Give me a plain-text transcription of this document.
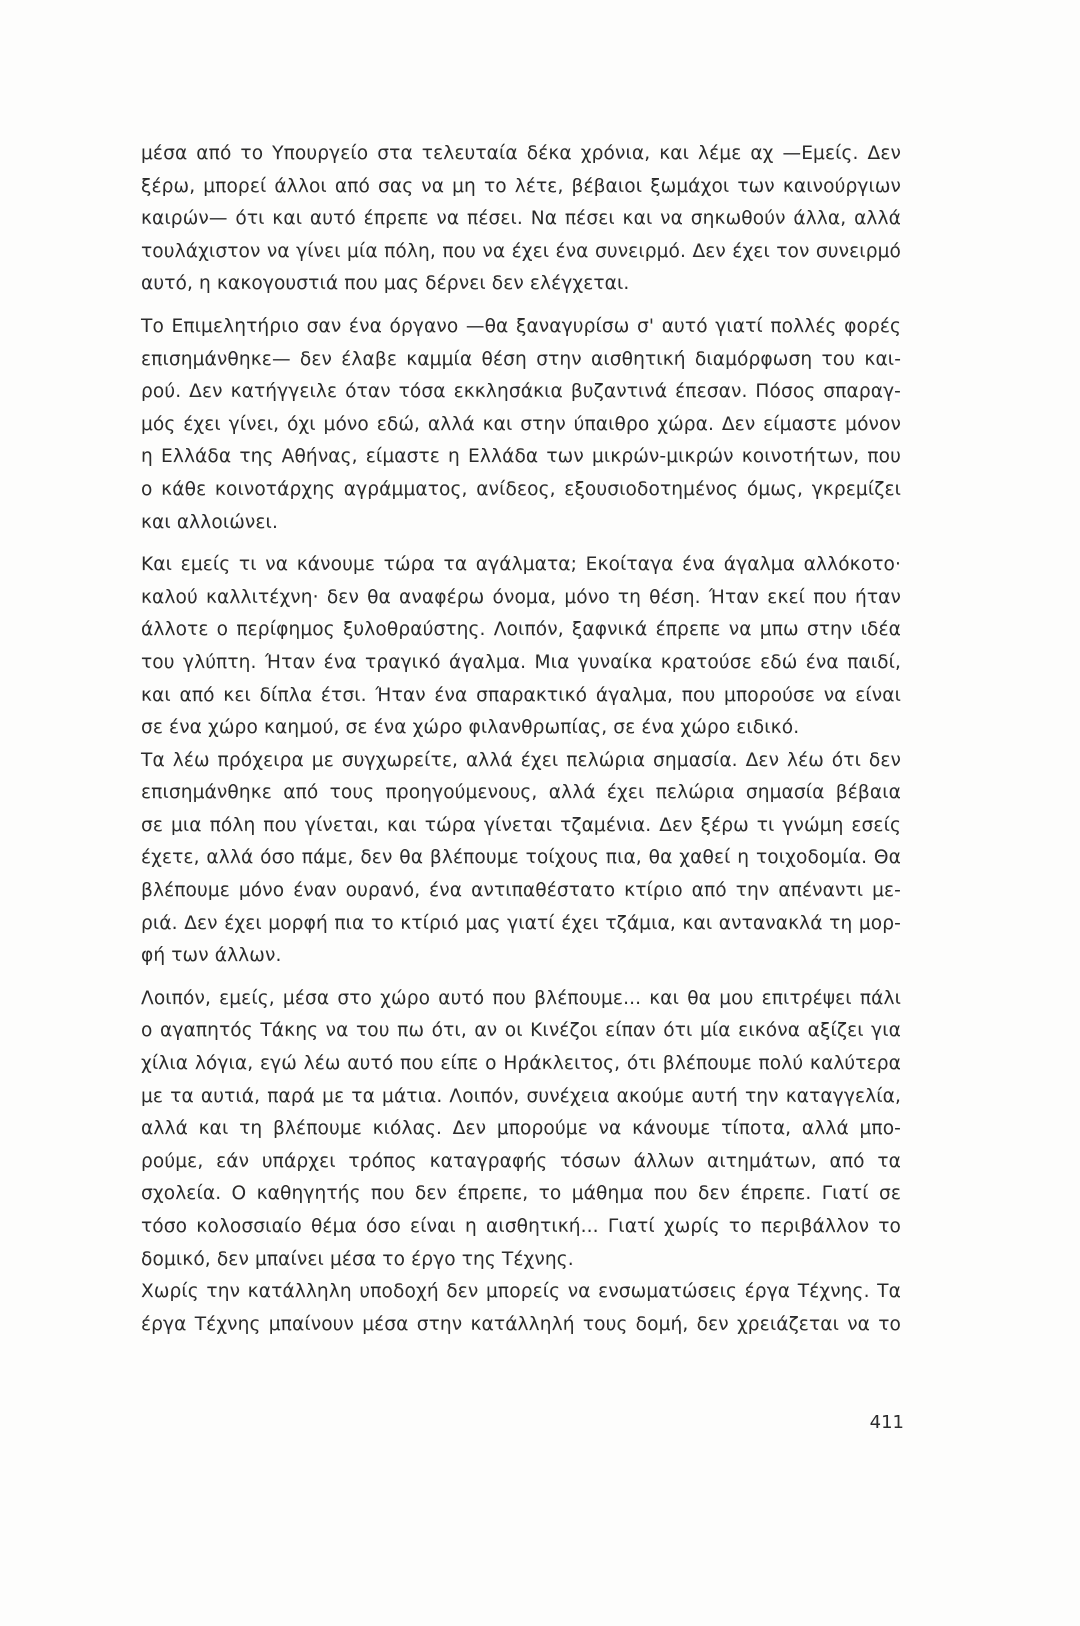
μέσα από το Υπουργείο στα τελευταία δέκα χρόνια, και λέμε αχ —Εμείς. Δεν
ξέρω, μπορεί άλλοι από σας να μη το λέτε, βέβαιοι ξωμάχοι των καινούργιων
καιρών— ότι και αυτό έπρεπε να πέσει. Να πέσει και να σηκωθούν άλλα, αλλά
τουλάχιστον να γίνει μία πόλη, που να έχει ένα συνειρμό. Δεν έχει τον συνειρμό
αυτό, η κακογουστιά που μας δέρνει δεν ελέγχεται.

Το Επιμελητήριο σαν ένα όργανο —θα ξαναγυρίσω σ' αυτό γιατί πολλές φορές
επισημάνθηκε— δεν έλαβε καμμία θέση στην αισθητική διαμόρφωση του και-
ρού. Δεν κατήγγειλε όταν τόσα εκκλησάκια βυζαντινά έπεσαν. Πόσος σπαραγ-
μός έχει γίνει, όχι μόνο εδώ, αλλά και στην ύπαιθρο χώρα. Δεν είμαστε μόνον
η Ελλάδα της Αθήνας, είμαστε η Ελλάδα των μικρών-μικρών κοινοτήτων, που
ο κάθε κοινοτάρχης αγράμματος, ανίδεος, εξουσιοδοτημένος όμως, γκρεμίζει
και αλλοιώνει.

Και εμείς τι να κάνουμε τώρα τα αγάλματα; Εκοίταγα ένα άγαλμα αλλόκοτο·
καλού καλλιτέχνη· δεν θα αναφέρω όνομα, μόνο τη θέση. Ήταν εκεί που ήταν
άλλοτε ο περίφημος ξυλοθραύστης. Λοιπόν, ξαφνικά έπρεπε να μπω στην ιδέα
του γλύπτη. Ήταν ένα τραγικό άγαλμα. Μια γυναίκα κρατούσε εδώ ένα παιδί,
και από κει δίπλα έτσι. Ήταν ένα σπαρακτικό άγαλμα, που μπορούσε να είναι
σε ένα χώρο καημού, σε ένα χώρο φιλανθρωπίας, σε ένα χώρο ειδικό.

Τα λέω πρόχειρα με συγχωρείτε, αλλά έχει πελώρια σημασία. Δεν λέω ότι δεν
επισημάνθηκε από τους προηγούμενους, αλλά έχει πελώρια σημασία βέβαια
σε μια πόλη που γίνεται, και τώρα γίνεται τζαμένια. Δεν ξέρω τι γνώμη εσείς
έχετε, αλλά όσο πάμε, δεν θα βλέπουμε τοίχους πια, θα χαθεί η τοιχοδομία. Θα
βλέπουμε μόνο έναν ουρανό, ένα αντιπαθέστατο κτίριο από την απέναντι με-
ριά. Δεν έχει μορφή πια το κτίριό μας γιατί έχει τζάμια, και αντανακλά τη μορ-
φή των άλλων.

Λοιπόν, εμείς, μέσα στο χώρο αυτό που βλέπουμε... και θα μου επιτρέψει πάλι
ο αγαπητός Τάκης να του πω ότι, αν οι Κινέζοι είπαν ότι μία εικόνα αξίζει για
χίλια λόγια, εγώ λέω αυτό που είπε ο Ηράκλειτος, ότι βλέπουμε πολύ καλύτερα
με τα αυτιά, παρά με τα μάτια. Λοιπόν, συνέχεια ακούμε αυτή την καταγγελία,
αλλά και τη βλέπουμε κιόλας. Δεν μπορούμε να κάνουμε τίποτα, αλλά μπο-
ρούμε, εάν υπάρχει τρόπος καταγραφής τόσων άλλων αιτημάτων, από τα
σχολεία. Ο καθηγητής που δεν έπρεπε, το μάθημα που δεν έπρεπε. Γιατί σε
τόσο κολοσσιαίο θέμα όσο είναι η αισθητική... Γιατί χωρίς το περιβάλλον το
δομικό, δεν μπαίνει μέσα το έργο της Τέχνης.

Χωρίς την κατάλληλη υποδοχή δεν μπορείς να ενσωματώσεις έργα Τέχνης. Τα
έργα Τέχνης μπαίνουν μέσα στην κατάλληλή τους δομή, δεν χρειάζεται να το

411
